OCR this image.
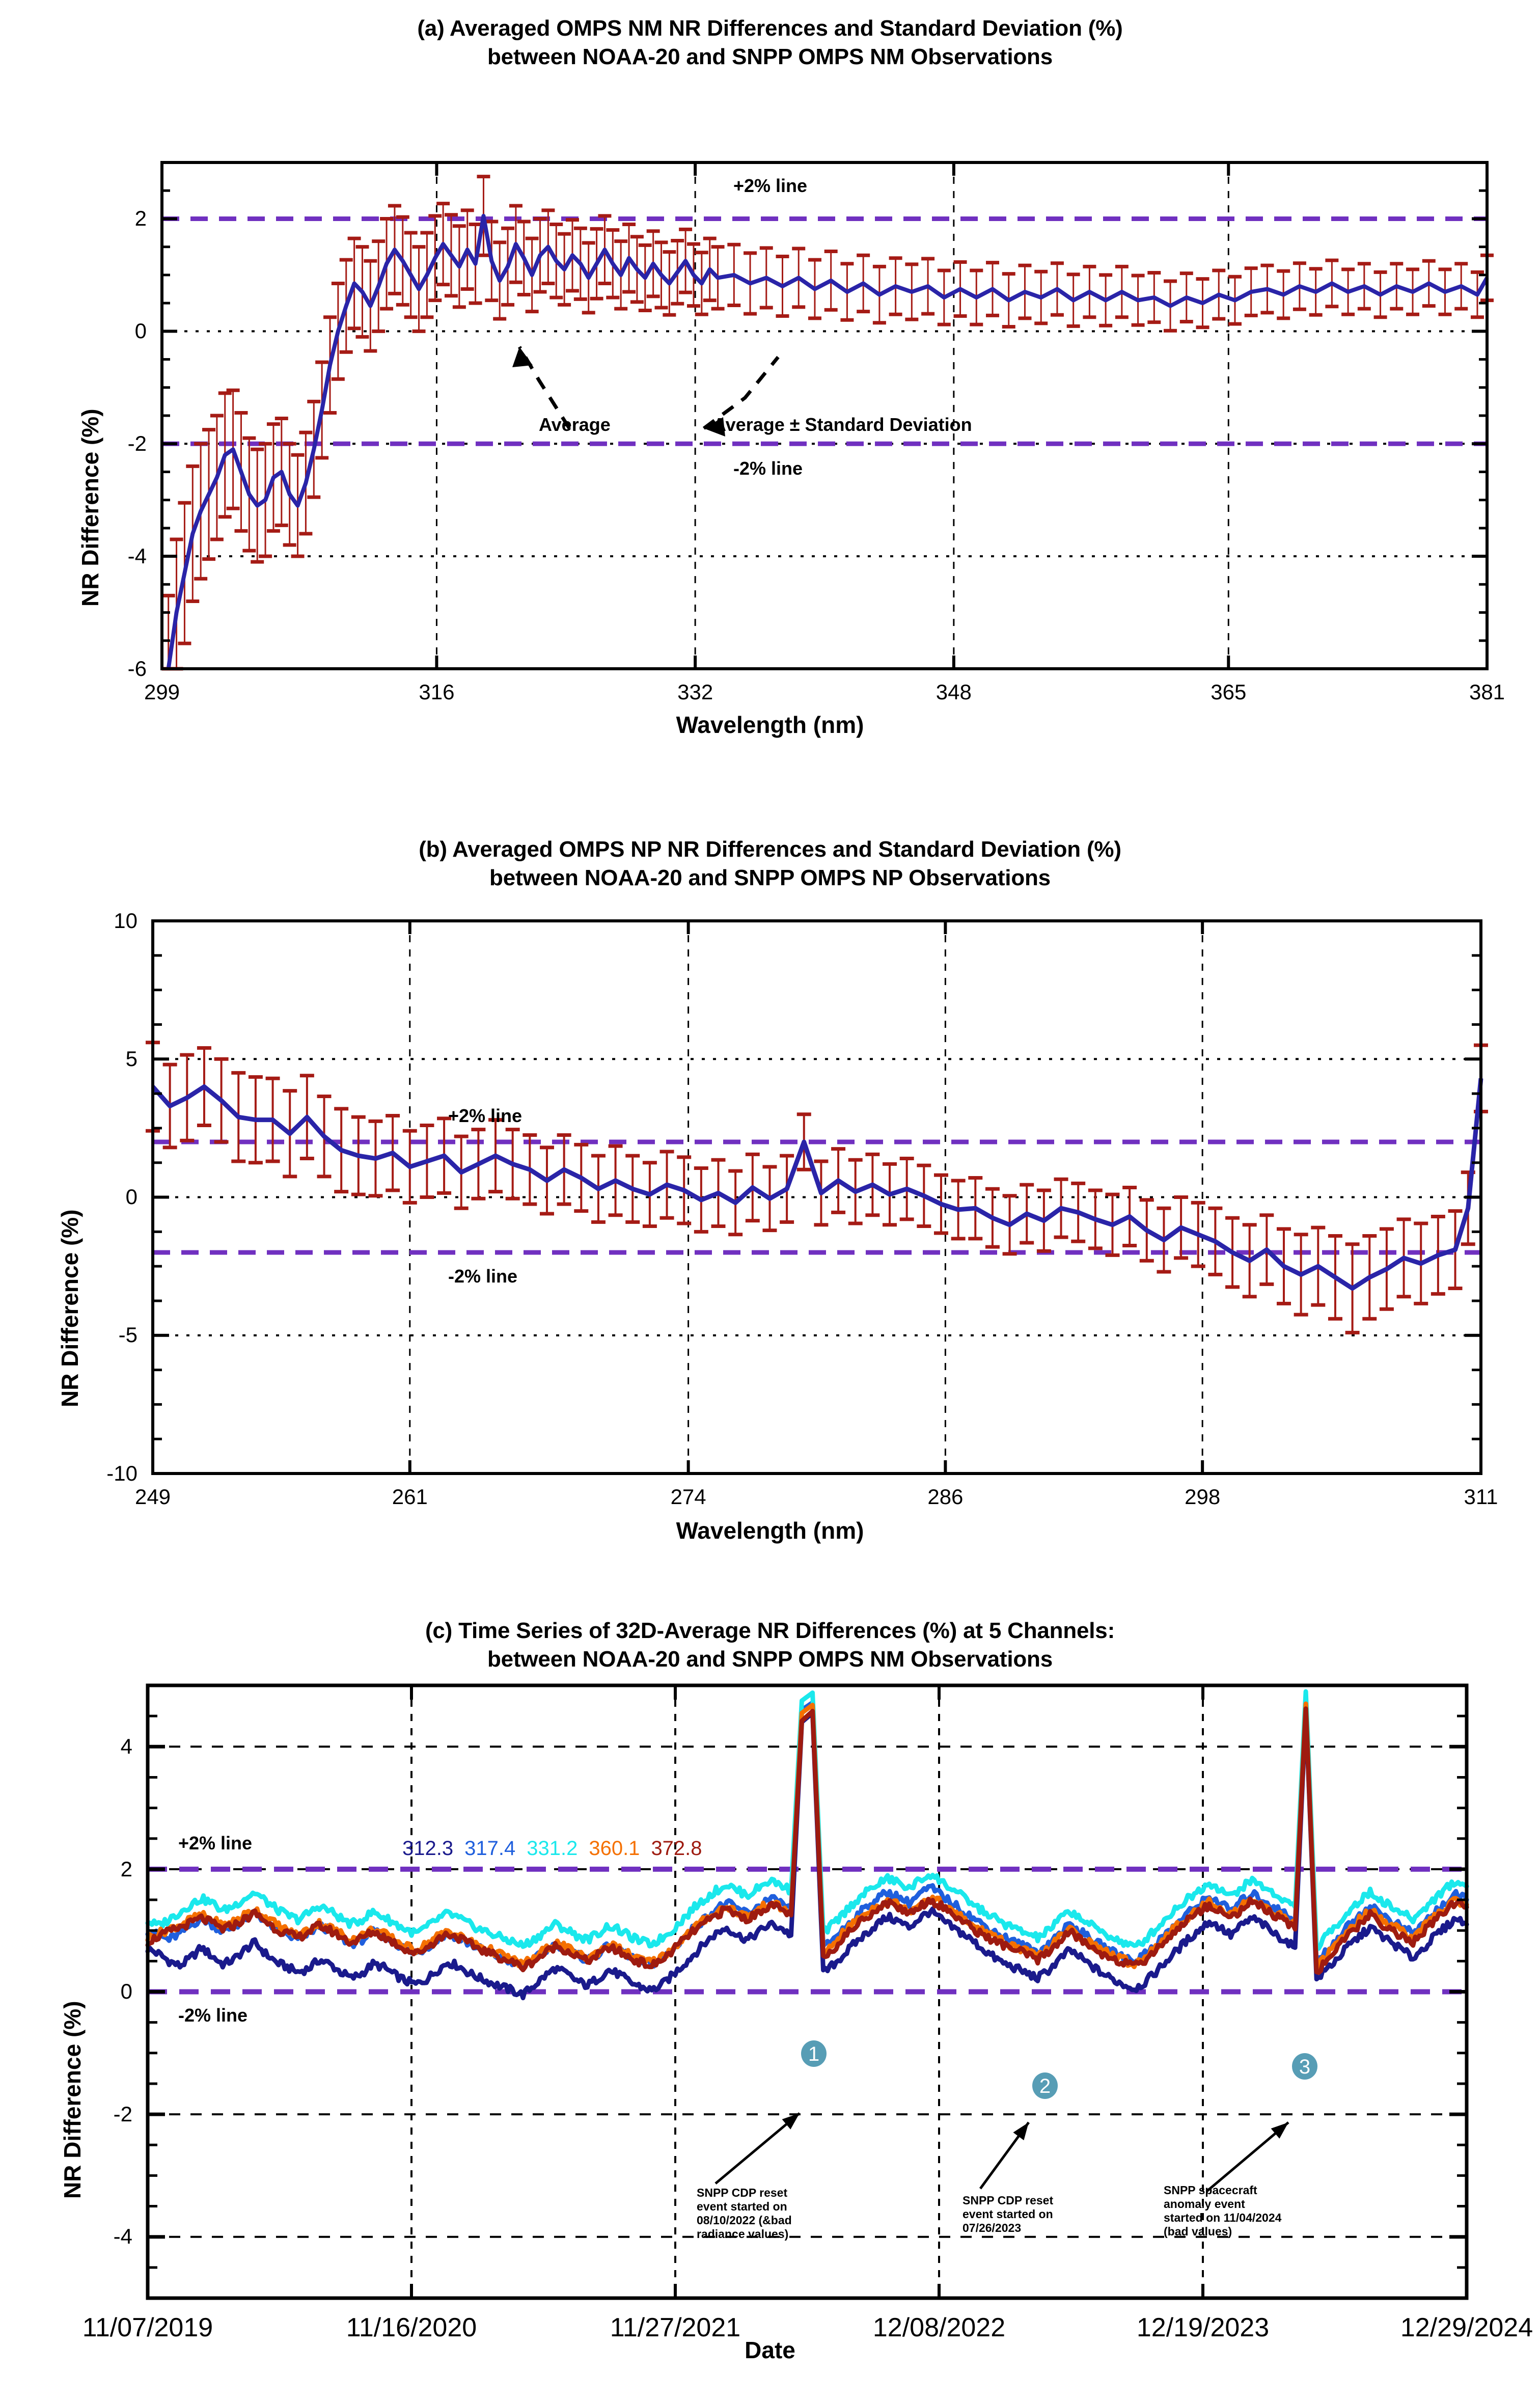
(a) Averaged OMPS NM NR Differences and Standard Deviation (%)
between NOAA-20 and SNPP OMPS NM Observations
NR Difference (%)
Wavelength (nm)
299	316	332	348	365	381
2
0
-2
-4
-6
+2% line
-2% line
Average	Average ± Standard Deviation
(b) Averaged OMPS NP NR Differences and Standard Deviation (%)
between NOAA-20 and SNPP OMPS NP Observations
NR Difference (%)
Wavelength (nm)
249	261	274	286	298	311
10
5
0
-5
-10
+2% line
-2% line
(c) Time Series of 32D-Average NR Differences (%) at 5 Channels:
between NOAA-20 and SNPP OMPS NM Observations
1
2
3
NR Difference (%)
Date
11/07/2019	11/16/2020	11/27/2021	12/08/2022	12/19/2023	12/29/2024
4
2
0
-2
-4
+2% line
-2% line
312.3 317.4 331.2 360.1 372.8
SNPP CDP reset
event started on
08/10/2022 (&bad
radiance values)
SNPP CDP reset
event started on
07/26/2023
SNPP spacecraft
anomaly event
started on 11/04/2024
(bad values)
